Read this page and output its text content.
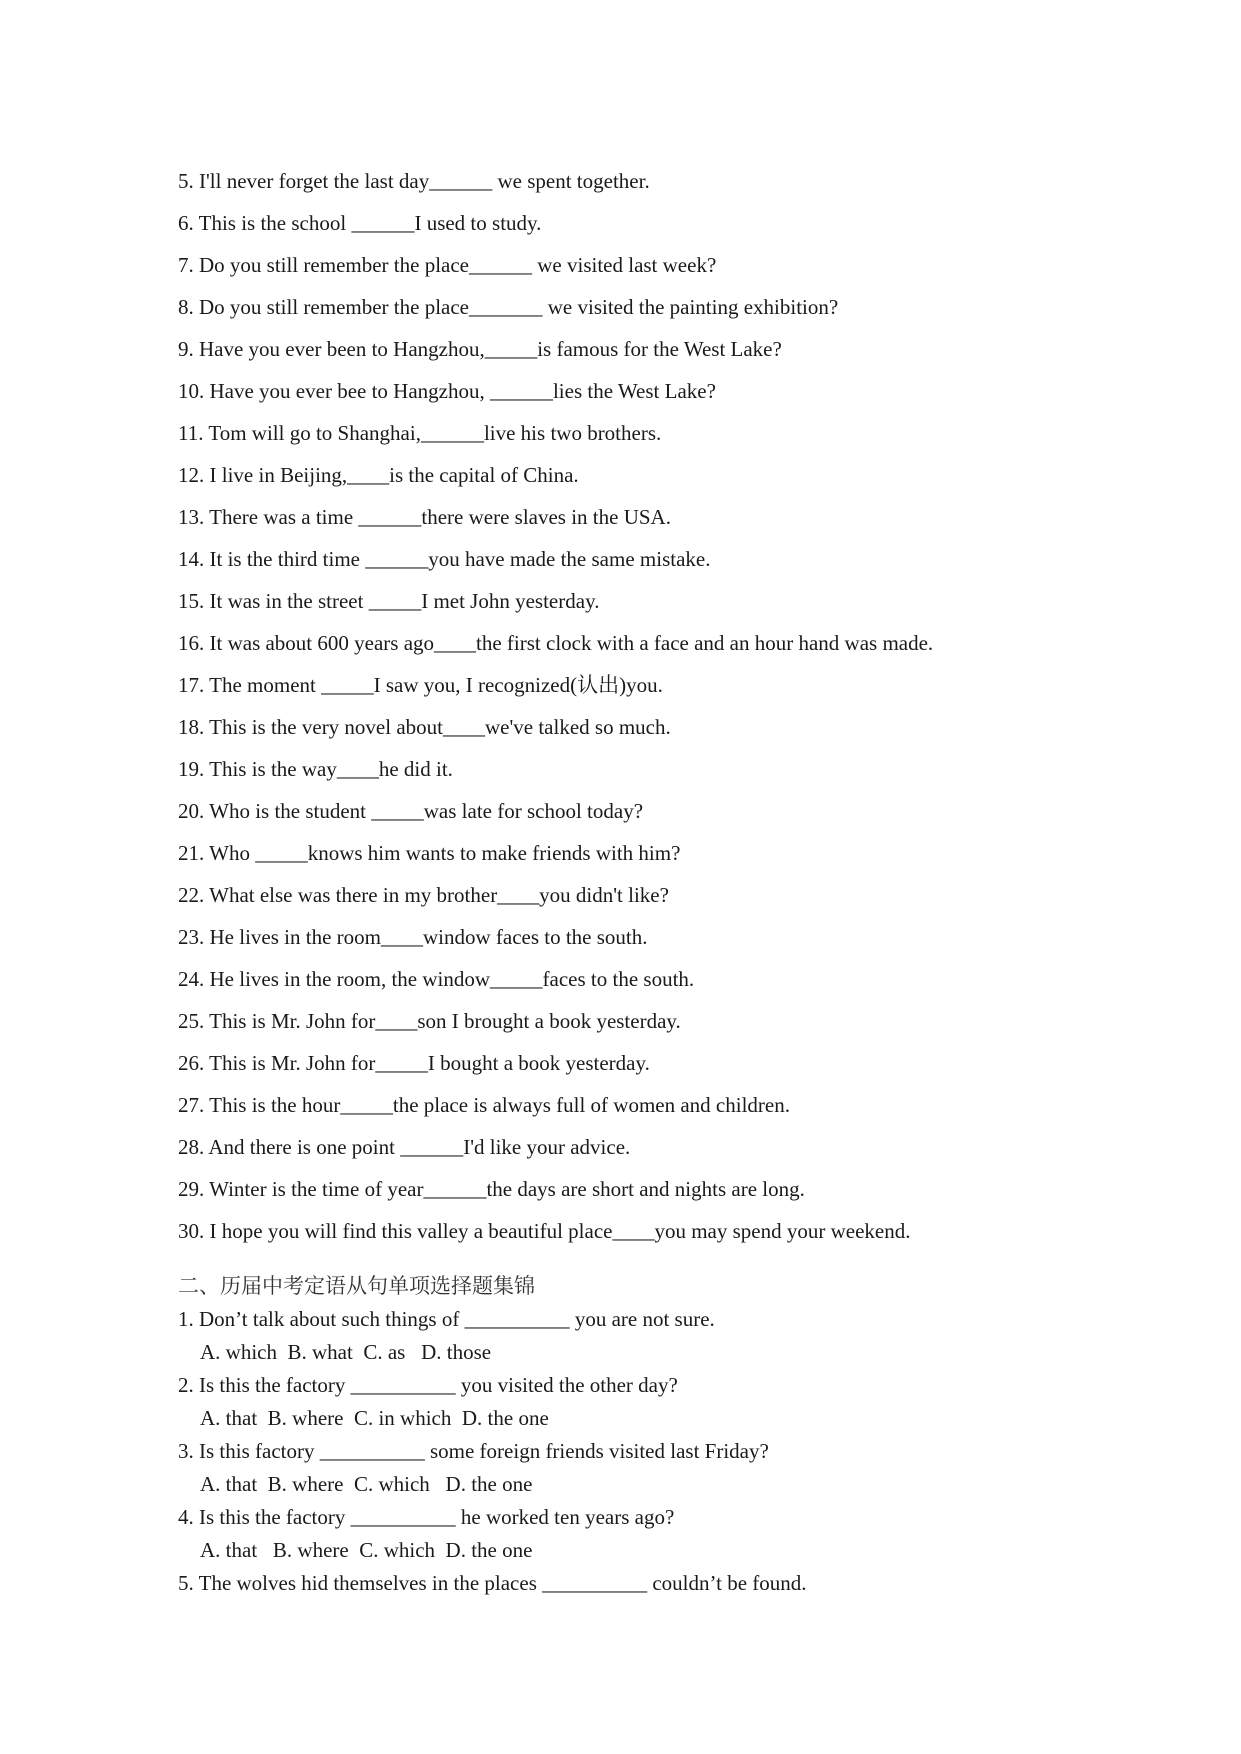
5. I'll never forget the last day______ we spent together.
6. This is the school ______I used to study.
7. Do you still remember the place______ we visited last week?
8. Do you still remember the place_______ we visited the painting exhibition?
9. Have you ever been to Hangzhou,_____is famous for the West Lake?
10. Have you ever bee to Hangzhou, ______lies the West Lake?
11. Tom will go to Shanghai,______live his two brothers.
12. I live in Beijing,____is the capital of China.
13. There was a time ______there were slaves in the USA.
14. It is the third time ______you have made the same mistake.
15. It was in the street _____I met John yesterday.
16. It was about 600 years ago____the first clock with a face and an hour hand was made.
17. The moment _____I saw you, I recognized(认出)you.
18. This is the very novel about____we've talked so much.
19. This is the way____he did it.
20. Who is the student _____was late for school today?
21. Who _____knows him wants to make friends with him?
22. What else was there in my brother____you didn't like?
23. He lives in the room____window faces to the south.
24. He lives in the room, the window_____faces to the south.
25. This is Mr. John for____son I brought a book yesterday.
26. This is Mr. John for_____I bought a book yesterday.
27. This is the hour_____the place is always full of women and children.
28. And there is one point ______I'd like your advice.
29. Winter is the time of year______the days are short and nights are long.
30. I hope you will find this valley a beautiful place____you may spend your weekend.
二、历届中考定语从句单项选择题集锦
1. Don’t talk about such things of __________ you are not sure.
A. which  B. what  C. as   D. those
2. Is this the factory __________ you visited the other day?
A. that  B. where  C. in which  D. the one
3. Is this factory __________ some foreign friends visited last Friday?
A. that  B. where  C. which   D. the one
4. Is this the factory __________ he worked ten years ago?
A. that   B. where  C. which  D. the one
5. The wolves hid themselves in the places __________ couldn’t be found.
